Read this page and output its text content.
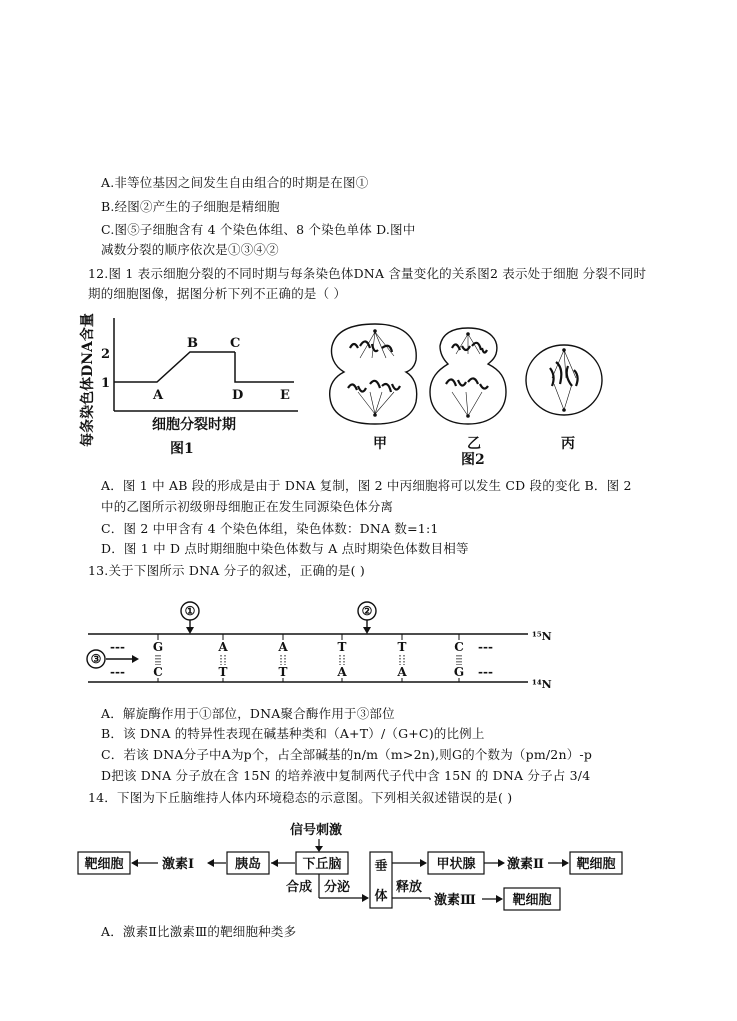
A.非等位基因之间发生自由组合的时期是在图①
B.经图②产生的子细胞是精细胞
C.图⑤子细胞含有 4 个染色体组、8 个染色单体 D.图中
减数分裂的顺序依次是①③④②
12.图 1 表示细胞分裂的不同时期与每条染色体DNA 含量变化的关系图2 表示处于细胞 分裂不同时
期的细胞图像，据图分析下列不正确的是（ ）
每条染色体DNA含量 2
1
A
B C
D	E
细胞分裂时期
图1	甲	乙	丙
图2
A．图 1 中 AB 段的形成是由于 DNA 复制，图 2 中丙细胞将可以发生 CD 段的变化 B．图 2
中的乙图所示初级卵母细胞正在发生同源染色体分离
C．图 2 中甲含有 4 个染色体组，染色体数：DNA 数=1:1
D．图 1 中 D 点时期细胞中染色体数与 A 点时期染色体数目相等
13.关于下图所示 DNA 分子的叙述，正确的是( )
¹⁵N
¹⁴N
①	②
③
---
---
---
---
G
C
A
T
A
T
T
A
T
A
C
G
A．解旋酶作用于①部位，DNA聚合酶作用于③部位
B．该 DNA 的特异性表现在碱基种类和（A+T）/（G+C)的比例上
C．若该 DNA分子中A为p个，占全部碱基的n/m（m>2n),则G的个数为（pm/2n）-p
D把该 DNA 分子放在含 15N 的培养液中复制两代子代中含 15N 的 DNA 分子占 3/4
14．下图为下丘脑维持人体内环境稳态的示意图。下列相关叙述错误的是( )
信号刺激
靶细胞	激素Ⅰ	胰岛	下丘脑
合成 分泌
垂
体
甲状腺 激素Ⅱ	靶细胞
释放
激素Ⅲ	靶细胞
A．激素Ⅱ比激素Ⅲ的靶细胞种类多
